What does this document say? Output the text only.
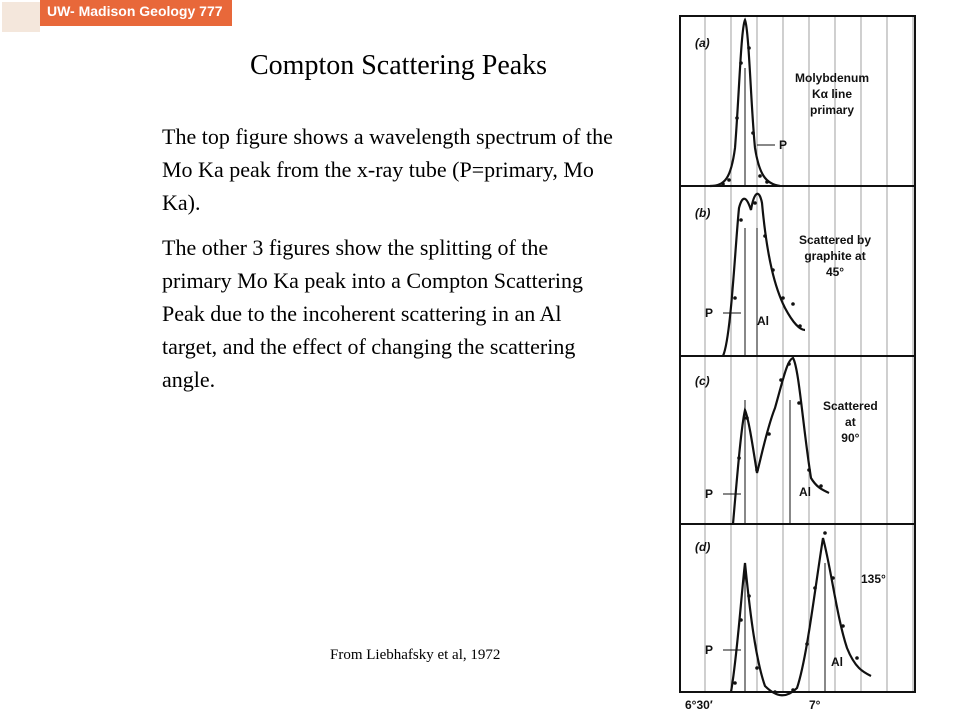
UW- Madison Geology 777
Compton Scattering Peaks

The top figure shows a wavelength spectrum of the Mo Ka peak from the x-ray tube (P=primary, Mo Ka).

The other 3 figures show the splitting of the primary Mo Ka peak into a Compton Scattering Peak due to the incoherent scattering in an Al target, and the effect of changing the scattering angle.

From Liebhafsky et al, 1972
(a)
(b)
(c)
(d)
Molybdenum
Kα line
primary
Scattered by
graphite at
45°
Scattered
at
90°
135°
P
P
Al
P	Al
P
Al
6°30′	7°
